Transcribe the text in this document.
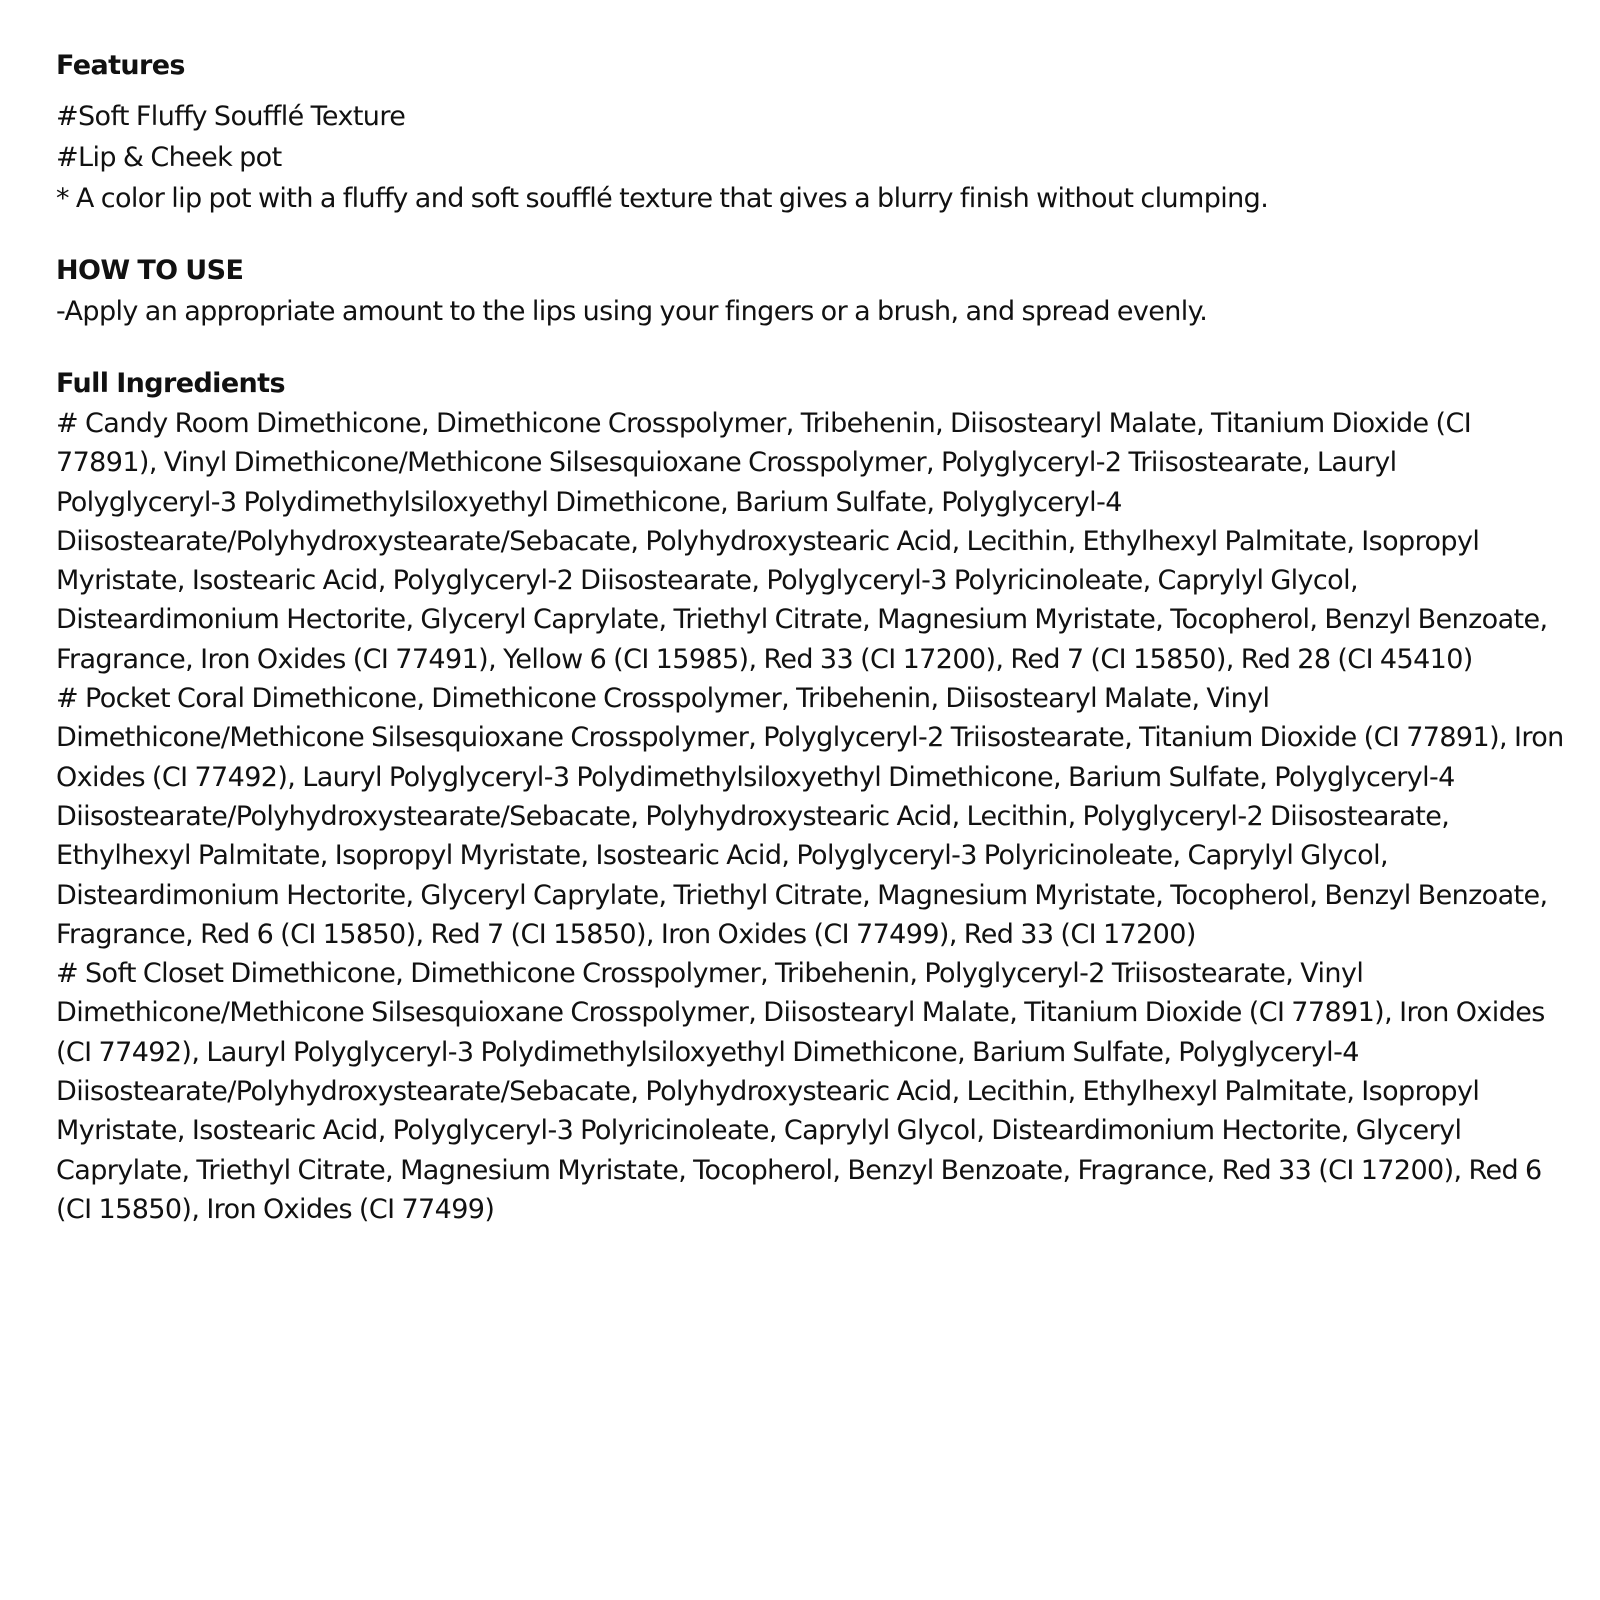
Features

#Soft Fluffy Soufflé Texture

#Lip & Cheek pot

* A color lip pot with a fluffy and soft soufflé texture that gives a blurry finish without clumping.

HOW TO USE

-Apply an appropriate amount to the lips using your fingers or a brush, and spread evenly.

Full Ingredients

# Candy Room Dimethicone, Dimethicone Crosspolymer, Tribehenin, Diisostearyl Malate, Titanium Dioxide (CI 77891), Vinyl Dimethicone/Methicone Silsesquioxane Crosspolymer, Polyglyceryl-2 Triisostearate, Lauryl Polyglyceryl-3 Polydimethylsiloxyethyl Dimethicone, Barium Sulfate, Polyglyceryl-4 Diisostearate/Polyhydroxystearate/Sebacate, Polyhydroxystearic Acid, Lecithin, Ethylhexyl Palmitate, Isopropyl Myristate, Isostearic Acid, Polyglyceryl-2 Diisostearate, Polyglyceryl-3 Polyricinoleate, Caprylyl Glycol, Disteardimonium Hectorite, Glyceryl Caprylate, Triethyl Citrate, Magnesium Myristate, Tocopherol, Benzyl Benzoate, Fragrance, Iron Oxides (CI 77491), Yellow 6 (CI 15985), Red 33 (CI 17200), Red 7 (CI 15850), Red 28 (CI 45410)

# Pocket Coral Dimethicone, Dimethicone Crosspolymer, Tribehenin, Diisostearyl Malate, Vinyl Dimethicone/Methicone Silsesquioxane Crosspolymer, Polyglyceryl-2 Triisostearate, Titanium Dioxide (CI 77891), Iron Oxides (CI 77492), Lauryl Polyglyceryl-3 Polydimethylsiloxyethyl Dimethicone, Barium Sulfate, Polyglyceryl-4 Diisostearate/Polyhydroxystearate/Sebacate, Polyhydroxystearic Acid, Lecithin, Polyglyceryl-2 Diisostearate, Ethylhexyl Palmitate, Isopropyl Myristate, Isostearic Acid, Polyglyceryl-3 Polyricinoleate, Caprylyl Glycol, Disteardimonium Hectorite, Glyceryl Caprylate, Triethyl Citrate, Magnesium Myristate, Tocopherol, Benzyl Benzoate, Fragrance, Red 6 (CI 15850), Red 7 (CI 15850), Iron Oxides (CI 77499), Red 33 (CI 17200)

# Soft Closet Dimethicone, Dimethicone Crosspolymer, Tribehenin, Polyglyceryl-2 Triisostearate, Vinyl Dimethicone/Methicone Silsesquioxane Crosspolymer, Diisostearyl Malate, Titanium Dioxide (CI 77891), Iron Oxides (CI 77492), Lauryl Polyglyceryl-3 Polydimethylsiloxyethyl Dimethicone, Barium Sulfate, Polyglyceryl-4 Diisostearate/Polyhydroxystearate/Sebacate, Polyhydroxystearic Acid, Lecithin, Ethylhexyl Palmitate, Isopropyl Myristate, Isostearic Acid, Polyglyceryl-3 Polyricinoleate, Caprylyl Glycol, Disteardimonium Hectorite, Glyceryl Caprylate, Triethyl Citrate, Magnesium Myristate, Tocopherol, Benzyl Benzoate, Fragrance, Red 33 (CI 17200), Red 6 (CI 15850), Iron Oxides (CI 77499)
